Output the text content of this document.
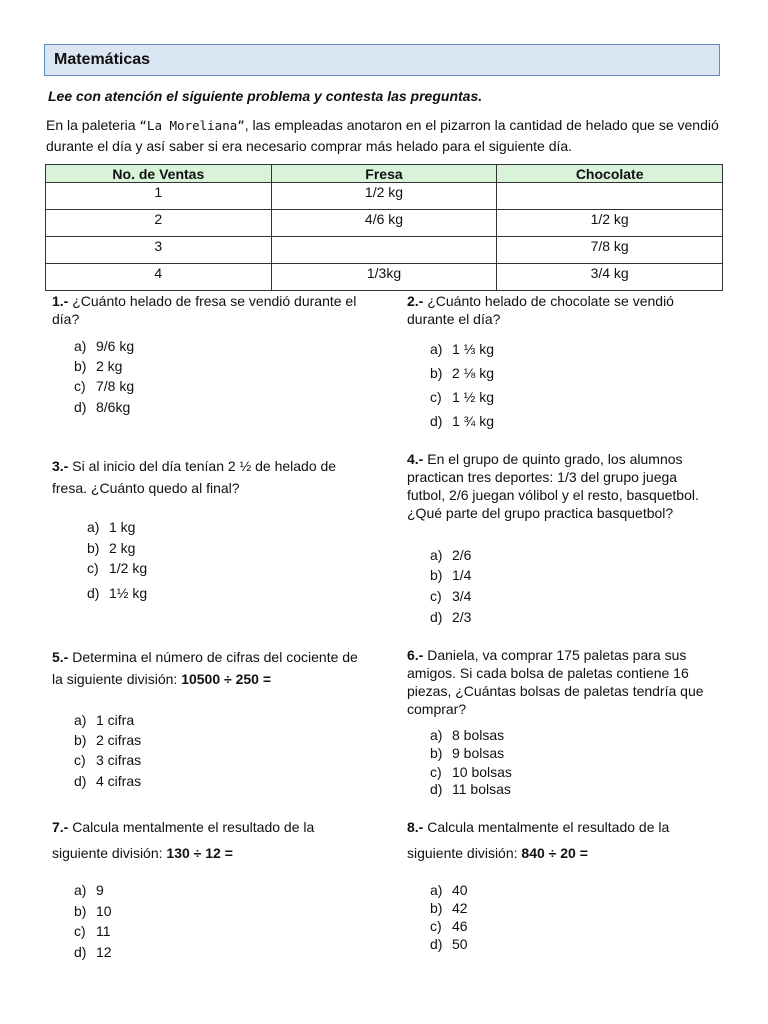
Matemáticas
Lee con atención el siguiente problema y contesta las preguntas.
En la paleteria “La Moreliana”, las empleadas anotaron en el pizarron la cantidad de helado que se vendió durante el día y así saber si era necesario comprar más helado para el siguiente día.
No. de Ventas	Fresa	Chocolate
1	1/2 kg	
2	4/6 kg	1/2 kg
3		7/8 kg
4	1/3kg	3/4 kg
1.- ¿Cuánto helado de fresa se vendió durante el día?
a) 9/6 kg
b) 2 kg
c) 7/8 kg
d) 8/6kg
2.- ¿Cuánto helado de chocolate se vendió durante el día?
a) 1 ⅓ kg
b) 2 ⅛ kg
c) 1 ½ kg
d) 1 ¾ kg
3.- Si al inicio del día tenían 2 ½ de helado de fresa. ¿Cuánto quedo al final?
a) 1 kg
b) 2 kg
c) 1/2 kg
d) 1½ kg
4.- En el grupo de quinto grado, los alumnos practican tres deportes: 1/3 del grupo juega futbol, 2/6 juegan vólibol y el resto, basquetbol. ¿Qué parte del grupo practica basquetbol?
a) 2/6
b) 1/4
c) 3/4
d) 2/3
5.- Determina el número de cifras del cociente de la siguiente división: 10500 ÷ 250 =
a) 1 cifra
b) 2 cifras
c) 3 cifras
d) 4 cifras
6.- Daniela, va comprar 175 paletas para sus amigos. Si cada bolsa de paletas contiene 16 piezas, ¿Cuántas bolsas de paletas tendría que comprar?
a) 8 bolsas
b) 9 bolsas
c) 10 bolsas
d) 11 bolsas
7.- Calcula mentalmente el resultado de la siguiente división: 130 ÷ 12 =
a) 9
b) 10
c) 11
d) 12
8.- Calcula mentalmente el resultado de la siguiente división: 840 ÷ 20 =
a) 40
b) 42
c) 46
d) 50
